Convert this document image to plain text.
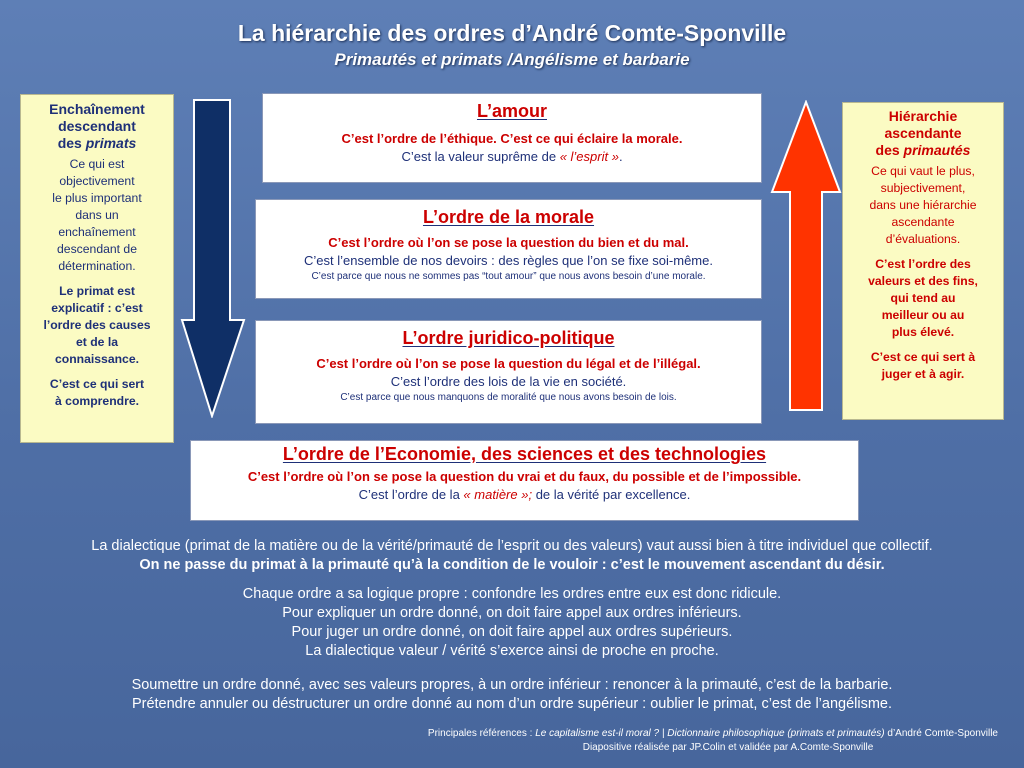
La hiérarchie des ordres d’André Comte-Sponville
Primautés et primats /Angélisme et barbarie
Enchaînement
descendant
des primats
Ce qui est
objectivement
le plus important
dans un
enchaînement
descendant de
détermination.
Le primat est
explicatif : c’est
l’ordre des causes
et de la
connaissance.
C’est ce qui sert
à comprendre.
Hiérarchie
ascendante
des primautés
Ce qui vaut le plus,
subjectivement,
dans une hiérarchie
ascendante
d’évaluations.
C’est l’ordre des
valeurs et des fins,
qui tend au
meilleur ou au
plus élevé.
C’est ce qui sert à
juger et à agir.
L’amour
C’est l’ordre de l’éthique. C’est ce qui éclaire la morale.
C’est la valeur suprême de « l’esprit ».
L’ordre de la morale
C’est l’ordre où l’on se pose la question du bien et du mal.
C’est l’ensemble de nos devoirs : des règles que l’on se fixe soi-même.
C’est parce que nous ne sommes pas “tout amour” que nous avons besoin d’une morale.
L’ordre juridico-politique
C’est l’ordre où l’on se pose la question du légal et de l’illégal.
C’est l’ordre des lois de la vie en société.
C’est parce que nous manquons de moralité que nous avons besoin de lois.
L’ordre de l’Economie, des sciences et des technologies
C’est l’ordre où l’on se pose la question du vrai et du faux, du possible et de l’impossible.
C’est l’ordre de la « matière »; de la vérité par excellence.
La dialectique (primat de la matière ou de la vérité/primauté de l’esprit ou des valeurs) vaut aussi bien à titre individuel que collectif.
On ne passe du primat à la primauté qu’à la condition de le vouloir : c’est le mouvement ascendant du désir.
Chaque ordre a sa logique propre : confondre les ordres entre eux est donc ridicule.
Pour expliquer un ordre donné, on doit faire appel aux ordres inférieurs.
Pour juger un ordre donné, on doit faire appel aux ordres supérieurs.
La dialectique valeur / vérité s’exerce ainsi de proche en proche.
Soumettre un ordre donné, avec ses valeurs propres, à un ordre inférieur : renoncer à la primauté, c’est de la barbarie.
Prétendre annuler ou déstructurer un ordre donné au nom d’un ordre supérieur : oublier le primat, c’est de l’angélisme.
Principales références : Le capitalisme est-il moral ? | Dictionnaire philosophique (primats et primautés) d’André Comte-Sponville
Diapositive réalisée par JP.Colin et validée par A.Comte-Sponville
